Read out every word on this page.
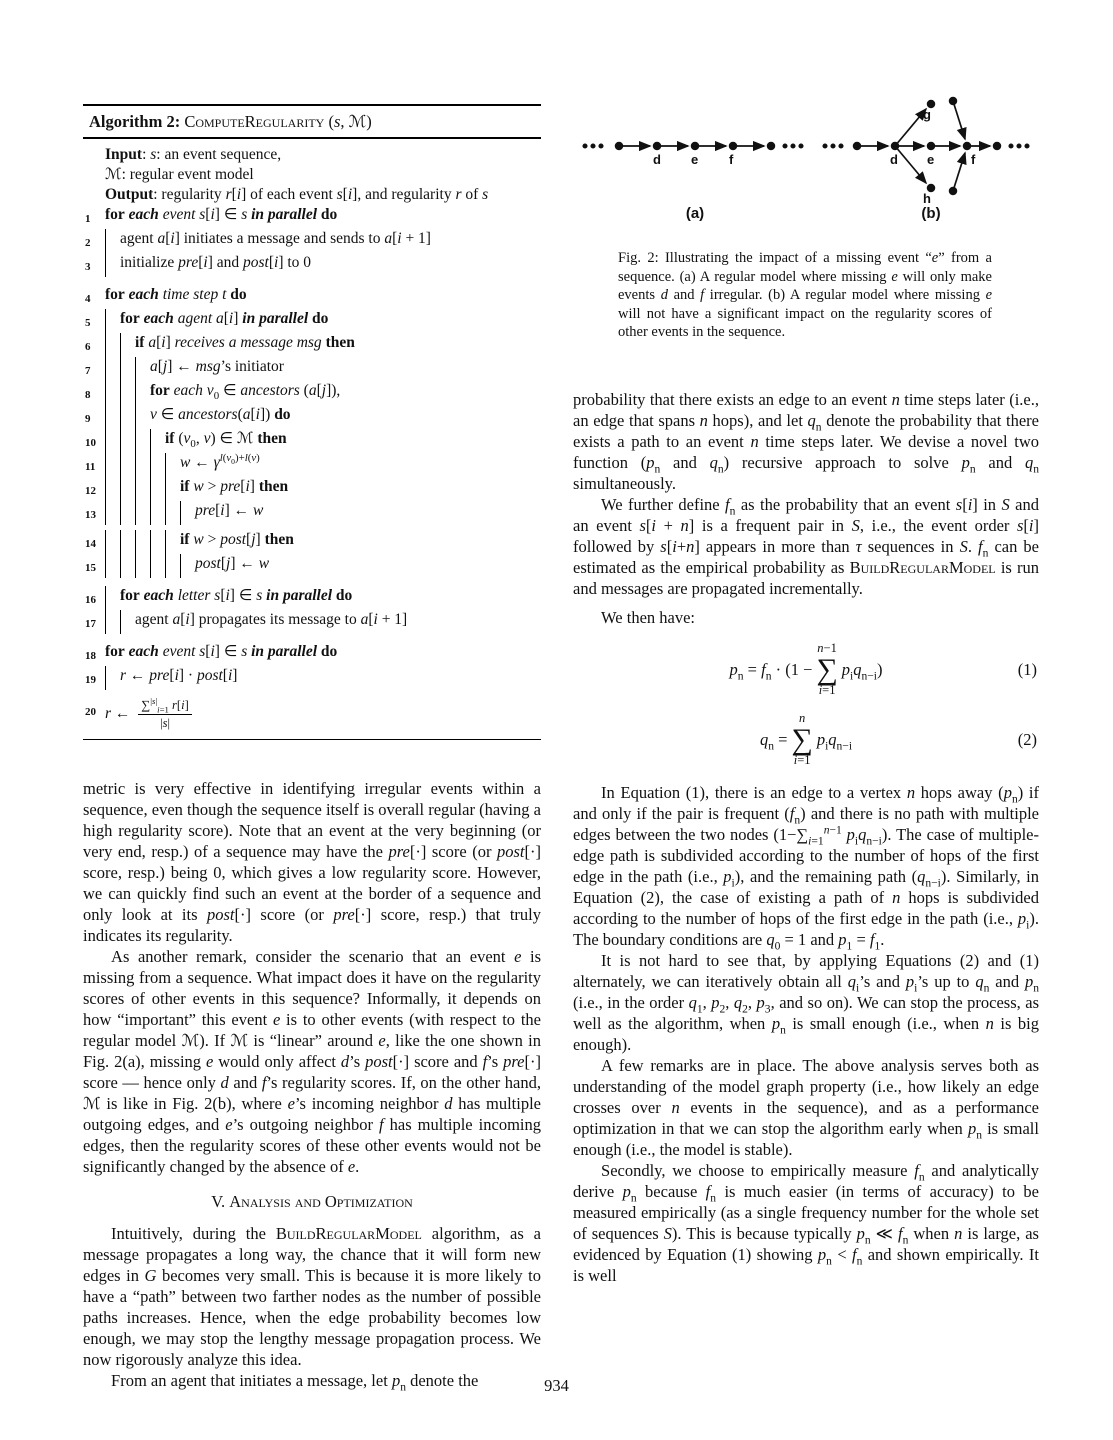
Algorithm 2: ComputeRegularity (s, ℳ)
Input: s: an event sequence,
ℳ: regular event model
Output: regularity r[i] of each event s[i], and regularity r of s
1 for each event s[i] ∈ s in parallel do
2	agent a[i] initiates a message and sends to a[i + 1]
3	initialize pre[i] and post[i] to 0
4 for each time step t do
5	for each agent a[i] in parallel do
6	if a[i] receives a message msg then
7	a[j] ← msg’s initiator
8	for each $v_0$ ∈ ancestors (a[j]),
9	v ∈ ancestors(a[i]) do
10	if ($v_0$, v) ∈ ℳ then
11	w ← $\gamma^{l(v_0)+l(v)}$
12	if w > pre[i] then
13	pre[i] ← w
14	if w > post[j] then
15	post[j] ← w
16	for each letter s[i] ∈ s in parallel do
17	agent a[i] propagates its message to a[i + 1]
18 for each event s[i] ∈ s in parallel do
19	r ← pre[i] · post[i]
20 r ← $\frac{\sum^{|s|}_{i=1} r[i]}{|s|}$

metric is very effective in identifying irregular events within a sequence, even though the sequence itself is overall regular (having a high regularity score). Note that an event at the very beginning (or very end, resp.) of a sequence may have the pre[·] score (or post[·] score, resp.) being 0, which gives a low regularity score. However, we can quickly find such an event at the border of a sequence and only look at its post[·] score (or pre[·] score, resp.) that truly indicates its regularity.

As another remark, consider the scenario that an event e is missing from a sequence. What impact does it have on the regularity scores of other events in this sequence? Informally, it depends on how “important” this event e is to other events (with respect to the regular model ℳ). If ℳ is “linear” around e, like the one shown in Fig. 2(a), missing e would only affect d’s post[·] score and f’s pre[·] score — hence only d and f’s regularity scores. If, on the other hand, ℳ is like in Fig. 2(b), where e’s incoming neighbor d has multiple outgoing edges, and e’s outgoing neighbor f has multiple incoming edges, then the regularity scores of these other events would not be significantly changed by the absence of e.

V. Analysis and Optimization

Intuitively, during the BuildRegularModel algorithm, as a message propagates a long way, the chance that it will form new edges in G becomes very small. This is because it is more likely to have a “path” between two farther nodes as the number of possible paths increases. Hence, when the edge probability becomes low enough, we may stop the lengthy message propagation process. We now rigorously analyze this idea.

From an agent that initiates a message, let $p_n$ denote the

d e f	d e	f
g
h
(a)	(b)
Fig. 2: Illustrating the impact of a missing event “e” from a sequence. (a) A regular model where missing e will only make events d and f irregular. (b) A regular model where missing e will not have a significant impact on the regularity scores of other events in the sequence.

probability that there exists an edge to an event n time steps later (i.e., an edge that spans n hops), and let $q_n$ denote the probability that there exists a path to an event n time steps later. We devise a novel two function ($p_n$ and $q_n$) recursive approach to solve $p_n$ and $q_n$ simultaneously.

We further define $f_n$ as the probability that an event s[i] in S and an event s[i + n] is a frequent pair in S, i.e., the event order s[i] followed by s[i+n] appears in more than τ sequences in S. $f_n$ can be estimated as the empirical probability as BuildRegularModel is run and messages are propagated incrementally.

We then have:

$p_n = f_n \cdot (1$ −
n−1
∑
i=1
$p_iq_{n-i}$)	(1)
$q_n$ =
n
∑
i=1
$p_iq_{n-i}$	(2)

In Equation (1), there is an edge to a vertex n hops away $(p_n)$ if and only if the pair is frequent $(f_n)$ and there is no path with multiple edges between the two nodes ($1-\sum_{i=1}^{n-1}$ $p_iq_{n-i}$). The case of multiple-edge path is subdivided according to the number of hops of the first edge in the path (i.e., $p_i$), and the remaining path $(q_{n-i})$. Similarly, in Equation (2), the case of existing a path of n hops is subdivided according to the number of hops of the first edge in the path (i.e., $p_i$). The boundary conditions are $q_0 = 1$ and $p_1 = f_1$.

It is not hard to see that, by applying Equations (2) and (1) alternately, we can iteratively obtain all $q_i’s$ and $p_i’s$ up to $q_n$ and $p_n$ (i.e., in the order $q_1$, $p_2$, $q_2$, $p_3$, and so on). We can stop the process, as well as the algorithm, when $p_n$ is small enough (i.e., when n is big enough).

A few remarks are in place. The above analysis serves both as understanding of the model graph property (i.e., how likely an edge crosses over n events in the sequence), and as a performance optimization in that we can stop the algorithm early when $p_n$ is small enough (i.e., the model is stable).

Secondly, we choose to empirically measure $f_n$ and analytically derive $p_n$ because $f_n$ is much easier (in terms of accuracy) to be measured empirically (as a single frequency number for the whole set of sequences S). This is because typically $p_n$ ≪ $f_n$ when n is large, as evidenced by Equation (1) showing $p_n < f_n$ and shown empirically. It is well

934
